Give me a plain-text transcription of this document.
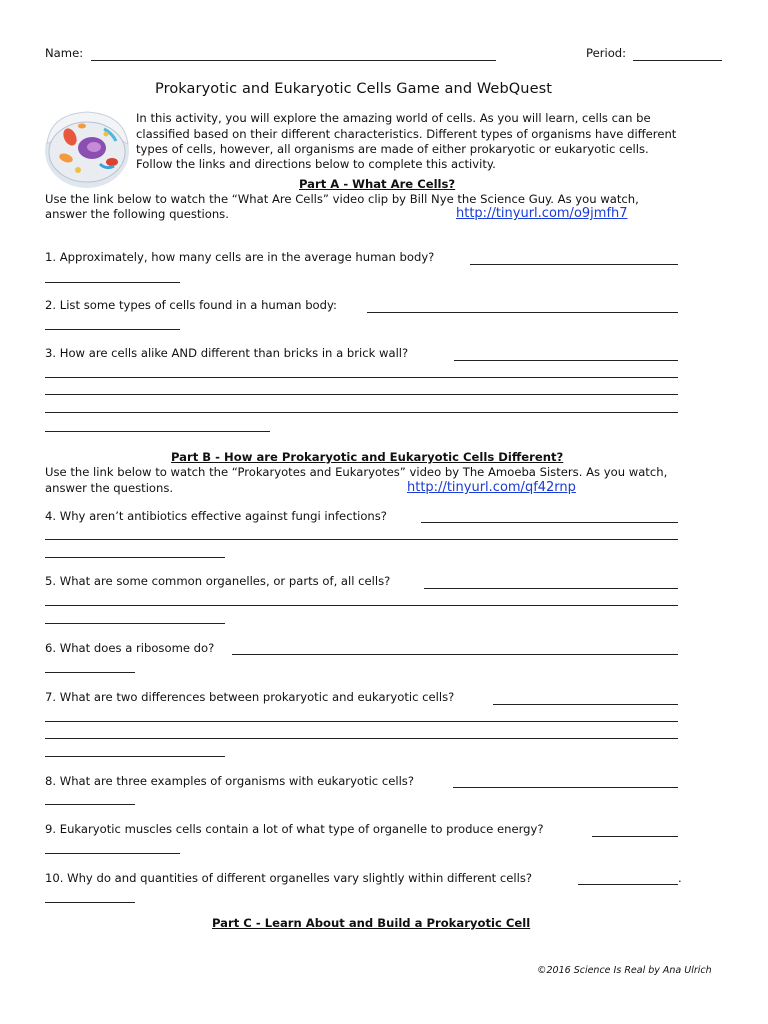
Name:	Period:
Prokaryotic and Eukaryotic Cells Game and WebQuest
In this activity, you will explore the amazing world of cells. As you will learn, cells can be
classified based on their different characteristics. Different types of organisms have different
types of cells, however, all organisms are made of either prokaryotic or eukaryotic cells.
Follow the links and directions below to complete this activity.
Part A - What Are Cells?
Use the link below to watch the “What Are Cells” video clip by Bill Nye the Science Guy. As you watch,
answer the following questions.	http://tinyurl.com/o9jmfh7
1. Approximately, how many cells are in the average human body?
2. List some types of cells found in a human body:
3. How are cells alike AND different than bricks in a brick wall?
Part B - How are Prokaryotic and Eukaryotic Cells Different?
Use the link below to watch the “Prokaryotes and Eukaryotes” video by The Amoeba Sisters. As you watch,
answer the questions.	http://tinyurl.com/qf42rnp
4. Why aren’t antibiotics effective against fungi infections?
5. What are some common organelles, or parts of, all cells?
6. What does a ribosome do?
7. What are two differences between prokaryotic and eukaryotic cells?
8. What are three examples of organisms with eukaryotic cells?
9. Eukaryotic muscles cells contain a lot of what type of organelle to produce energy?
10. Why do and quantities of different organelles vary slightly within different cells?	.
Part C - Learn About and Build a Prokaryotic Cell
©2016 Science Is Real by Ana Ulrich
